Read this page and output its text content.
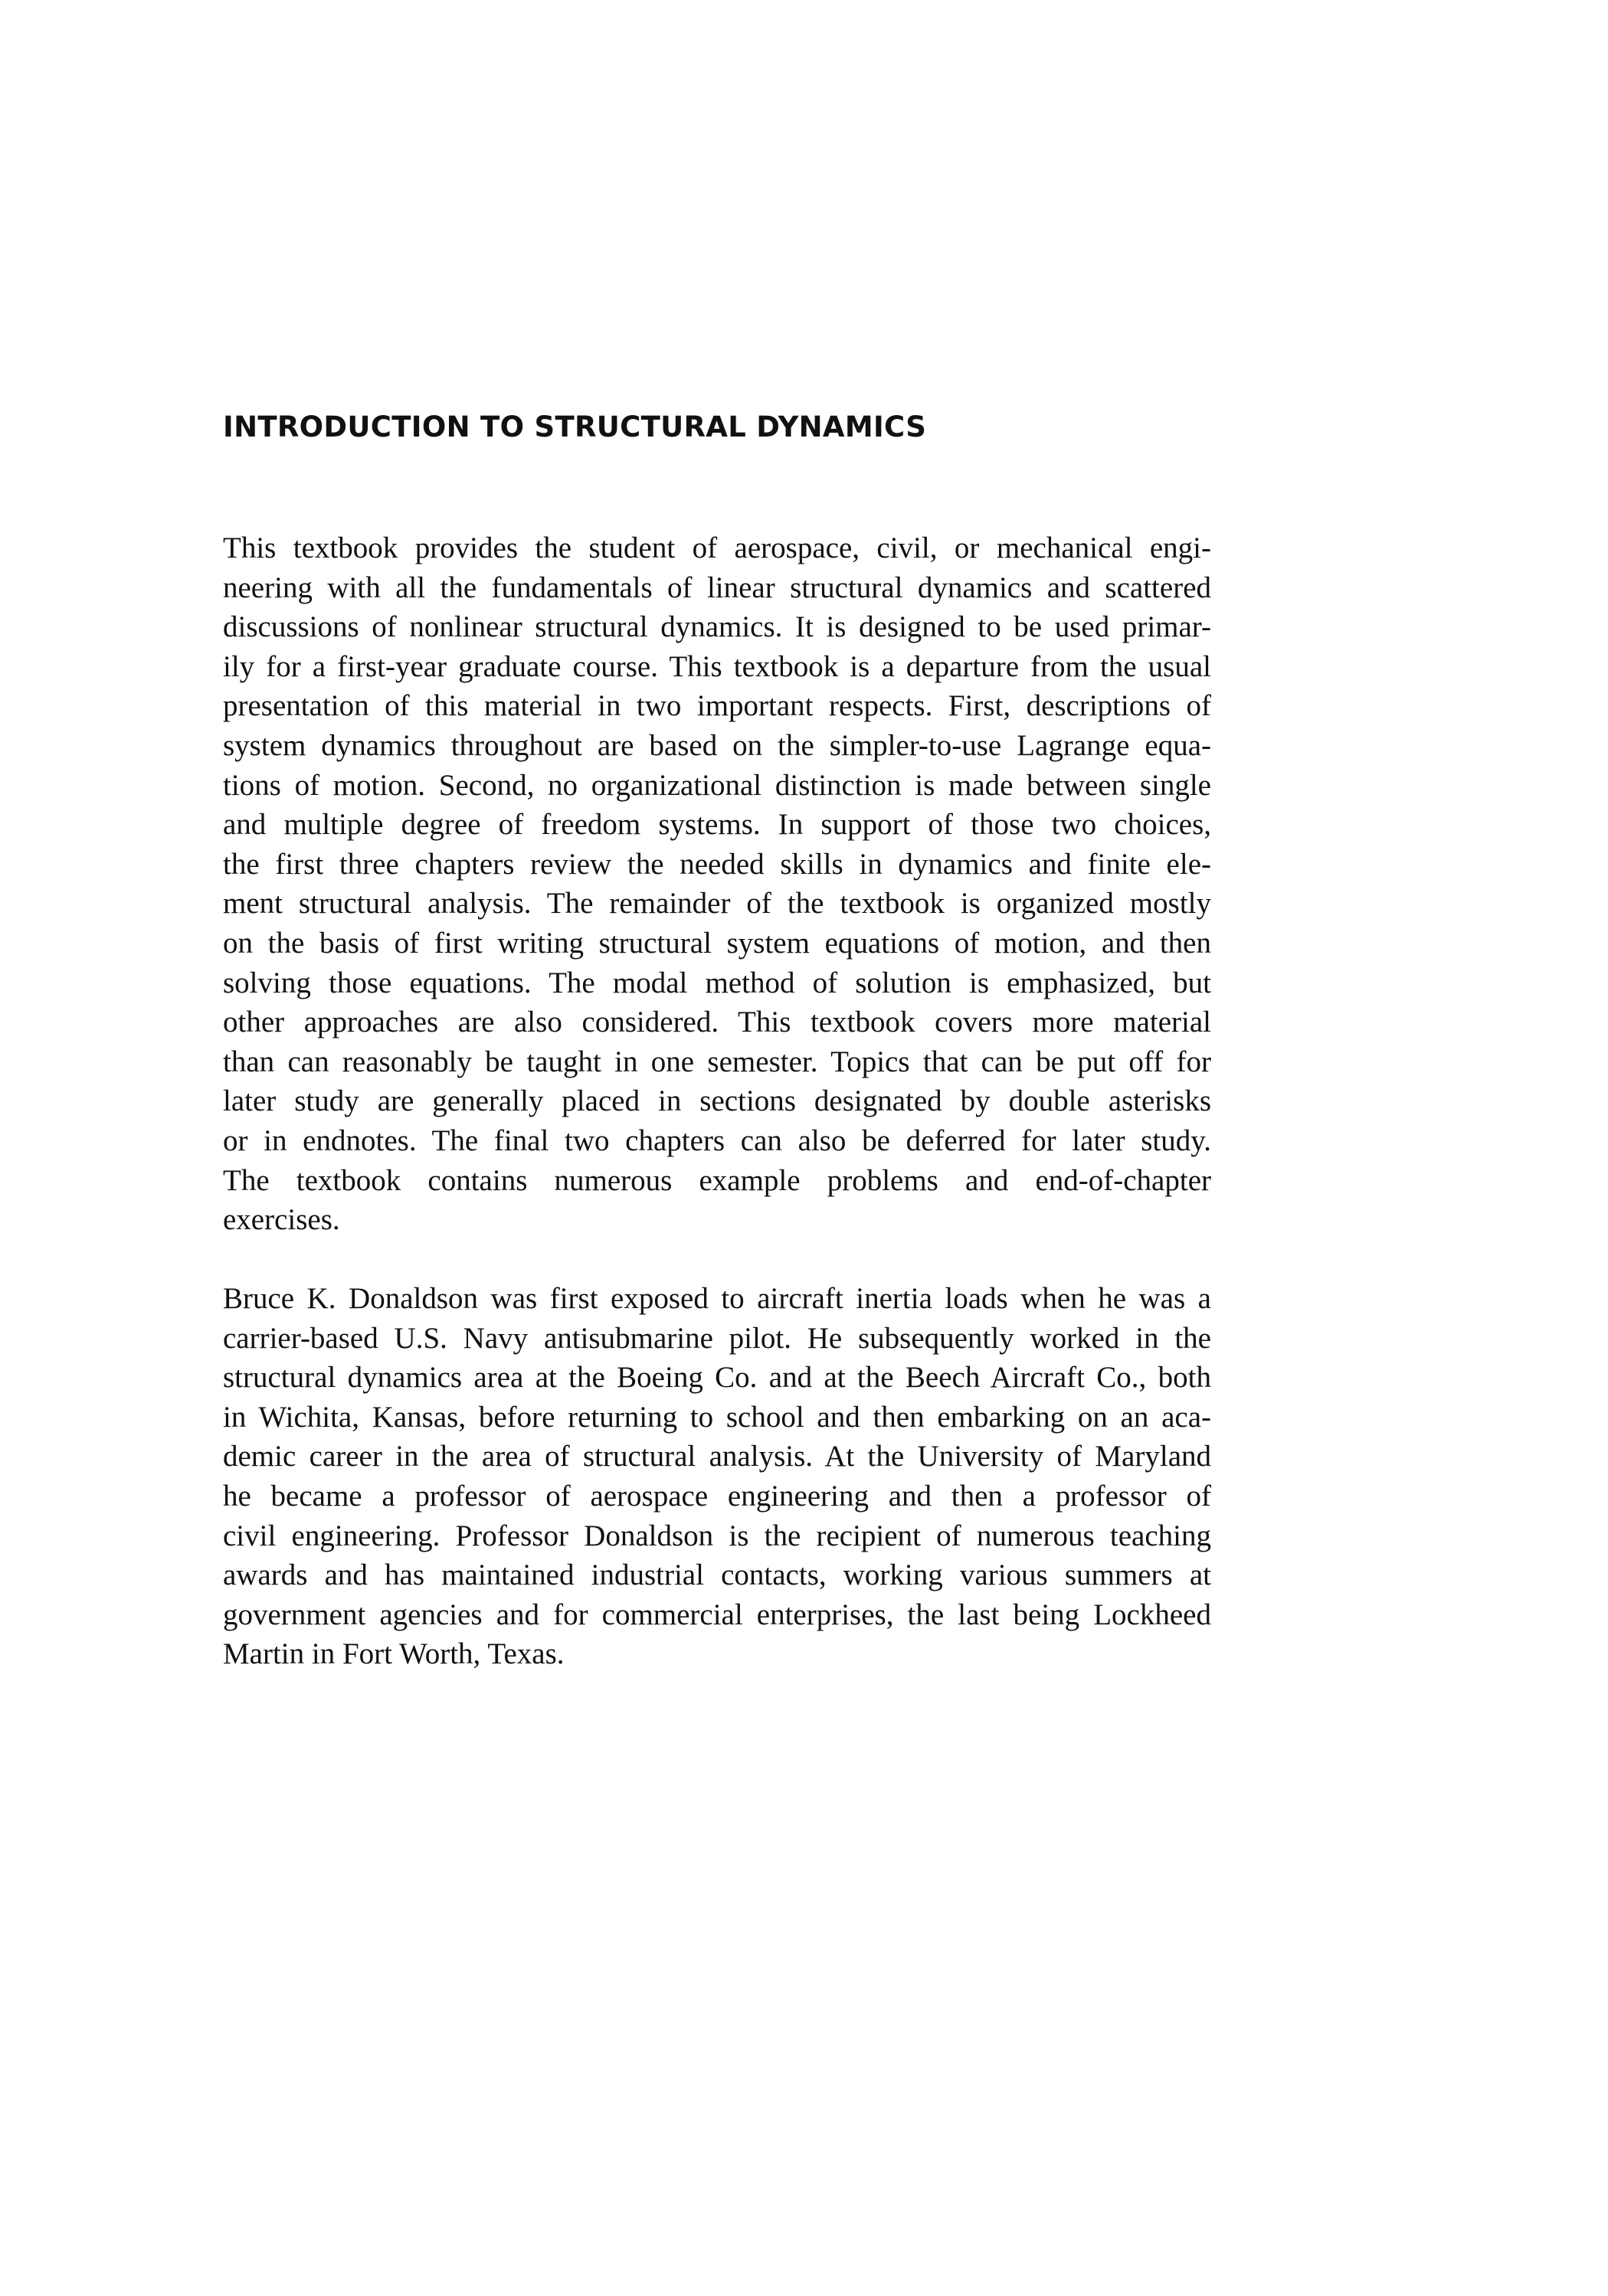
INTRODUCTION TO STRUCTURAL DYNAMICS
This textbook provides the student of aerospace, civil, or mechanical engi-
neering with all the fundamentals of linear structural dynamics and scattered
discussions of nonlinear structural dynamics. It is designed to be used primar-
ily for a first-year graduate course. This textbook is a departure from the usual
presentation of this material in two important respects. First, descriptions of
system dynamics throughout are based on the simpler-to-use Lagrange equa-
tions of motion. Second, no organizational distinction is made between single
and multiple degree of freedom systems. In support of those two choices,
the first three chapters review the needed skills in dynamics and finite ele-
ment structural analysis. The remainder of the textbook is organized mostly
on the basis of first writing structural system equations of motion, and then
solving those equations. The modal method of solution is emphasized, but
other approaches are also considered. This textbook covers more material
than can reasonably be taught in one semester. Topics that can be put off for
later study are generally placed in sections designated by double asterisks
or in endnotes. The final two chapters can also be deferred for later study.
The textbook contains numerous example problems and end-of-chapter
exercises.
Bruce K. Donaldson was first exposed to aircraft inertia loads when he was a
carrier-based U.S. Navy antisubmarine pilot. He subsequently worked in the
structural dynamics area at the Boeing Co. and at the Beech Aircraft Co., both
in Wichita, Kansas, before returning to school and then embarking on an aca-
demic career in the area of structural analysis. At the University of Maryland
he became a professor of aerospace engineering and then a professor of
civil engineering. Professor Donaldson is the recipient of numerous teaching
awards and has maintained industrial contacts, working various summers at
government agencies and for commercial enterprises, the last being Lockheed
Martin in Fort Worth, Texas.
